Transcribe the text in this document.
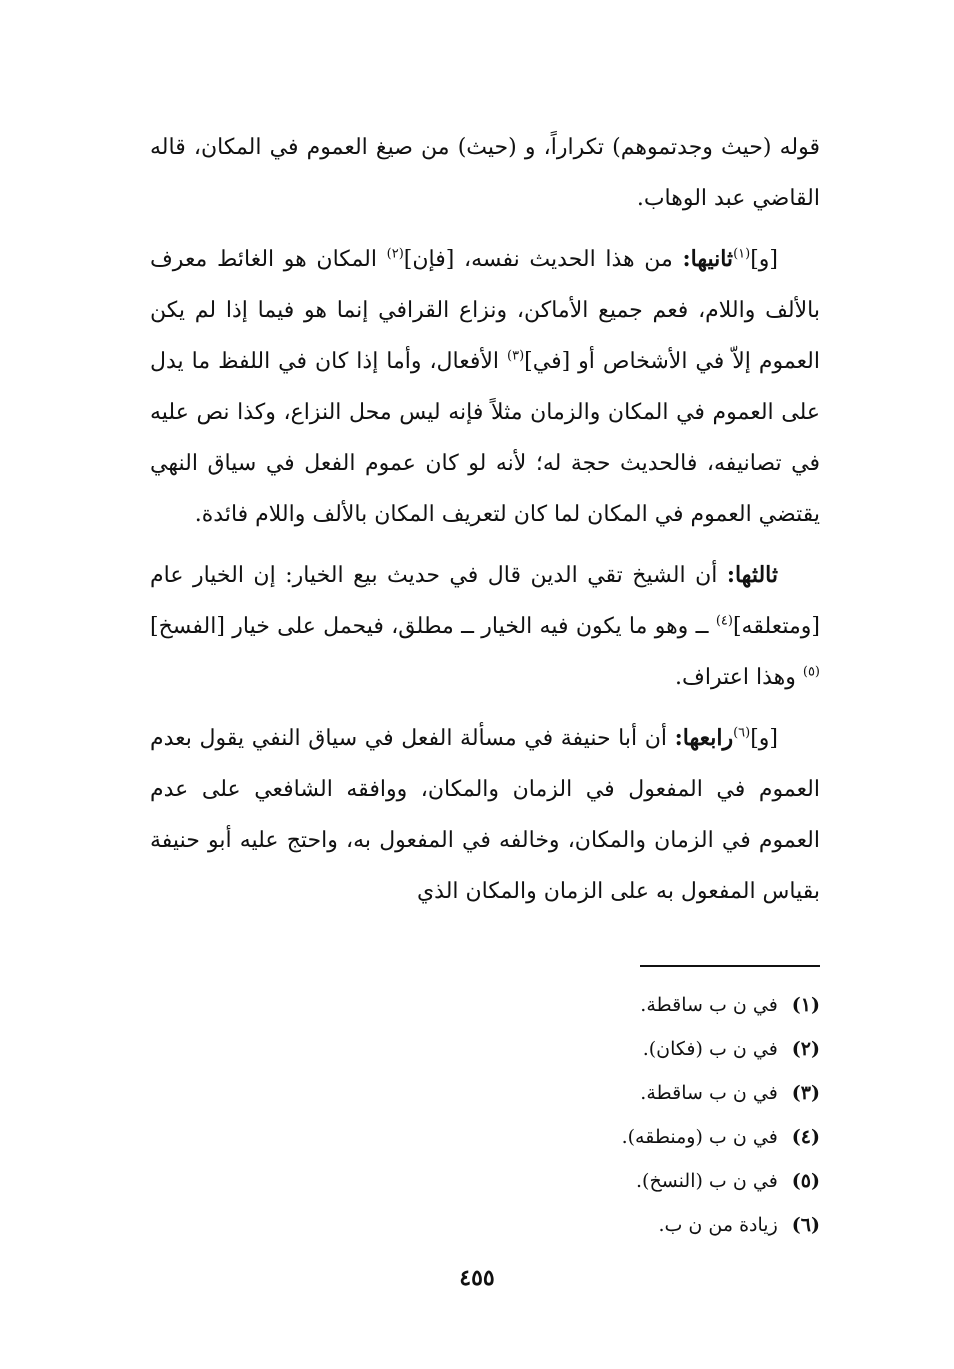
قوله (حيث وجدتموهم) تكراراً، و (حيث) من صيغ العموم في المكان، قاله القاضي عبد الوهاب.

[و]$^{(١)}$ثانيها: من هذا الحديث نفسه، [فإن]$^{(٢)}$ المكان هو الغائط معرف بالألف واللام، فعم جميع الأماكن، ونزاع القرافي إنما هو فيما إذا لم يكن العموم إلاّ في الأشخاص أو [في]$^{(٣)}$ الأفعال، وأما إذا كان في اللفظ ما يدل على العموم في المكان والزمان مثلاً فإنه ليس محل النزاع، وكذا نص عليه في تصانيفه، فالحديث حجة له؛ لأنه لو كان عموم الفعل في سياق النهي يقتضي العموم في المكان لما كان لتعريف المكان بالألف واللام فائدة.

ثالثها: أن الشيخ تقي الدين قال في حديث بيع الخيار: إن الخيار عام [ومتعلقه]$^{(٤)}$ ــ وهو ما يكون فيه الخيار ــ مطلق، فيحمل على خيار [الفسخ]$^{(٥)}$ وهذا اعتراف.

[و]$^{(٦)}$رابعها: أن أبا حنيفة في مسألة الفعل في سياق النفي يقول بعدم العموم في المفعول في الزمان والمكان، ووافقه الشافعي على عدم العموم في الزمان والمكان، وخالفه في المفعول به، واحتج عليه أبو حنيفة بقياس المفعول به على الزمان والمكان الذي

(١)في ن ب ساقطة.
(٢)في ن ب (فكان).
(٣)في ن ب ساقطة.
(٤)في ن ب (ومنطقه).
(٥)في ن ب (النسخ).
(٦)زيادة من ن ب.
٤٥٥
